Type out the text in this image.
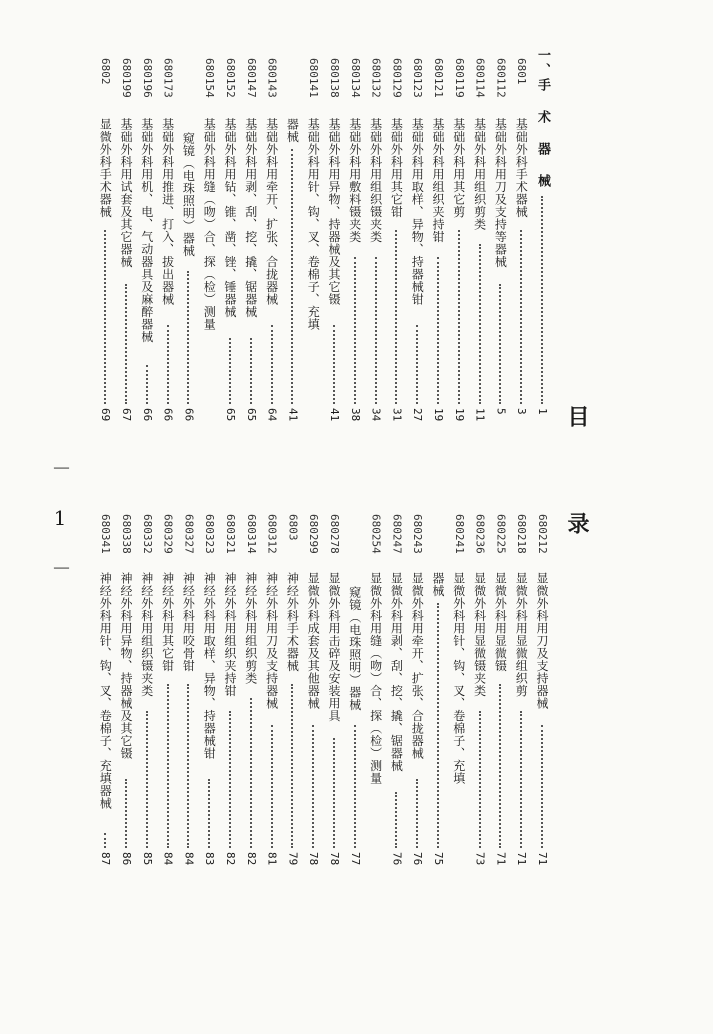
目
录
－ 1 －
一、手 术 器 械
1
6801
基础外科手术器械
3
680112
基础外科用刀及支持等器械
5
680114
基础外科用组织剪类
11
680119
基础外科用其它剪
19
680121
基础外科用组织夹持钳
19
680123
基础外科用取样、异物、持器械钳
27
680129
基础外科用其它钳
31
680132
基础外科用组织镊夹类
34
680134
基础外科用敷料镊夹类
38
680138
基础外科用异物、持器械及其它镊
41
680141
基础外科用针、钩、叉、卷棉子、充填
器械
41
680143
基础外科用牵开、扩张、合拢器械
64
680147
基础外科用剥、刮、挖、撬、锯器械
65
680152
基础外科用钻、锥、凿、锉、锤器械
65
680154
基础外科用缝（吻）合、探（检）测量
窥镜（电珠照明）器械
66
680173
基础外科用推进、打入、拔出器械
66
680196
基础外科用机、电、气动器具及麻醉器械
66
680199
基础外科用试套及其它器械
67
6802
显微外科手术器械
69
680212
显微外科用刀及支持器械
71
680218
显微外科用显微组织剪
71
680225
显微外科用显微镊
71
680236
显微外科用显微镊夹类
73
680241
显微外科用针、钩、叉、卷棉子、充填
器械
75
680243
显微外科用牵开、扩张、合拢器械
76
680247
显微外科用剥、刮、挖、撬、锯器械
76
680254
显微外科用缝（吻）合、探（检）测量
窥镜（电珠照明）器械
77
680278
显微外科用击碎及安装用具
78
680299
显微外科成套及其他器械
78
6803
神经外科手术器械
79
680312
神经外科用刀及支持器械
81
680314
神经外科用组织剪类
82
680321
神经外科用组织夹持钳
82
680323
神经外科用取样、异物、持器械钳
83
680327
神经外科用咬骨钳
84
680329
神经外科用其它钳
84
680332
神经外科用组织镊夹类
85
680338
神经外科用异物、持器械及其它镊
86
680341
神经外科用针、钩、叉、卷棉子、充填器械
87
